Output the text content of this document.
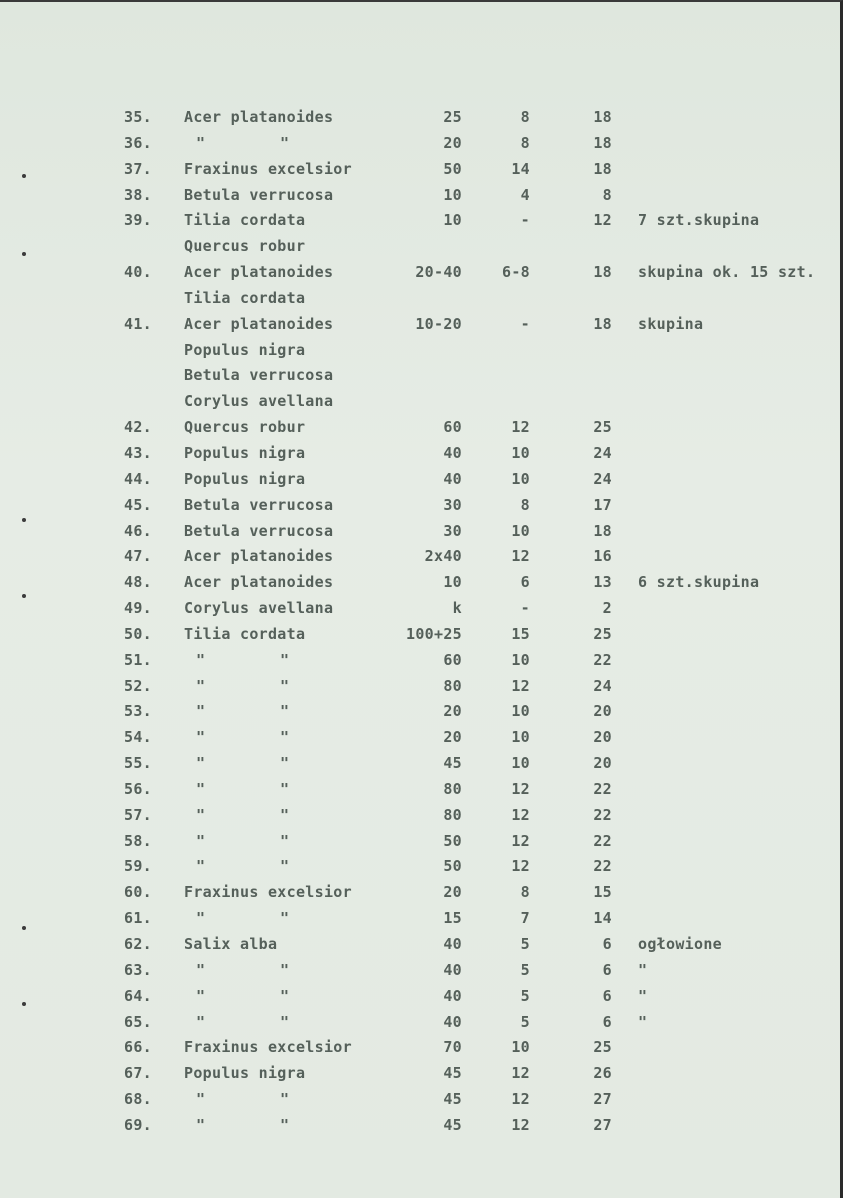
35. Acer platanoides	25	8	18
36.	"	"	20	8	18
37. Fraxinus excelsior	50	14	18
38. Betula verrucosa	10	4	8
39. Tilia cordata	10	-	12 7 szt.skupina
Quercus robur
40. Acer platanoides	20-40	6-8	18 skupina ok. 15 szt.
Tilia cordata
41. Acer platanoides	10-20	-	18 skupina
Populus nigra
Betula verrucosa
Corylus avellana
42. Quercus robur	60	12	25
43. Populus nigra	40	10	24
44. Populus nigra	40	10	24
45. Betula verrucosa	30	8	17
46. Betula verrucosa	30	10	18
47. Acer platanoides	2x40	12	16
48. Acer platanoides	10	6	13 6 szt.skupina
49. Corylus avellana	k	-	2
50. Tilia cordata	100+25	15	25
51.	"	"	60	10	22
52.	"	"	80	12	24
53.	"	"	20	10	20
54.	"	"	20	10	20
55.	"	"	45	10	20
56.	"	"	80	12	22
57.	"	"	80	12	22
58.	"	"	50	12	22
59.	"	"	50	12	22
60. Fraxinus excelsior	20	8	15
61.	"	"	15	7	14
62. Salix alba	40	5	6 ogłowione
63.	"	"	40	5	6 "
64.	"	"	40	5	6 "
65.	"	"	40	5	6 "
66. Fraxinus excelsior	70	10	25
67. Populus nigra	45	12	26
68.	"	"	45	12	27
69.	"	"	45	12	27
